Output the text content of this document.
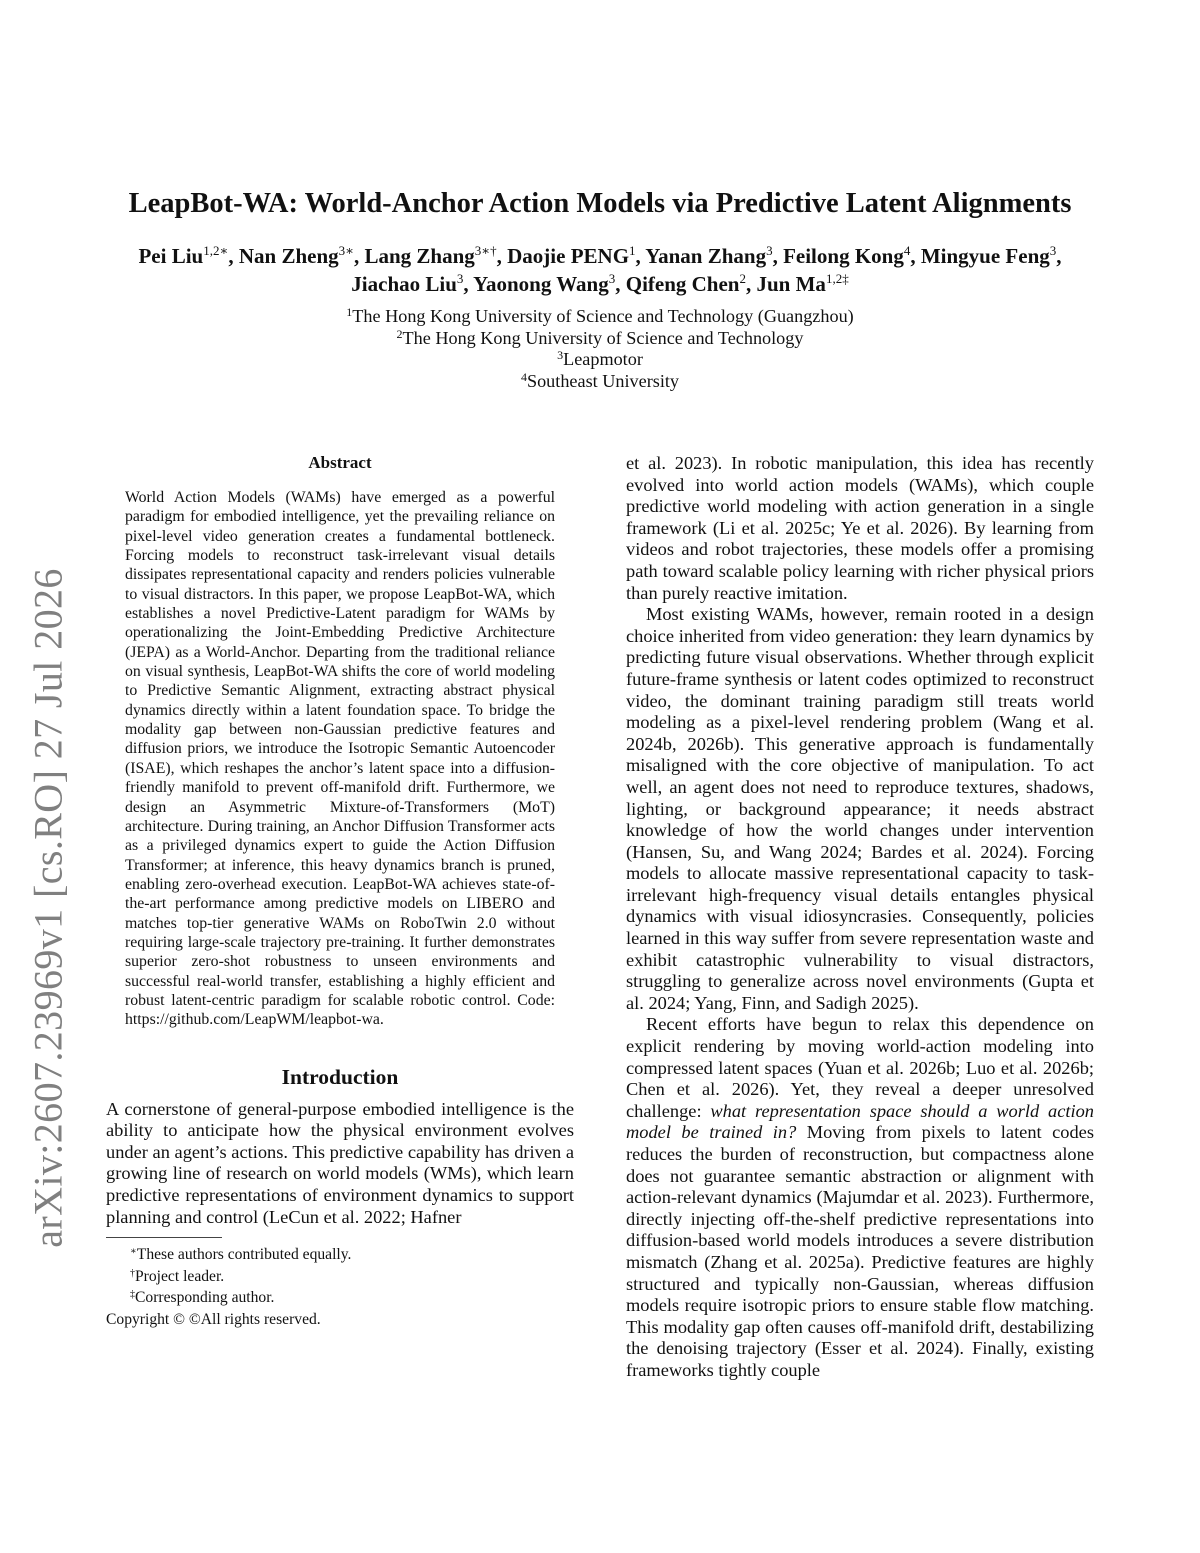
arXiv:2607.23969v1 [cs.RO] 27 Jul 2026
LeapBot-WA: World-Anchor Action Models via Predictive Latent Alignments
Pei Liu$^{1,2∗}$, Nan Zheng$^{3∗}$, Lang Zhang$^{3∗\dagger}$, Daojie PENG$^1$, Yanan Zhang$^3$, Feilong Kong$^4$, Mingyue Feng$^3$, Jiachao Liu$^3$, Yaonong Wang$^3$, Qifeng Chen$^2$, Jun $Ma^{1,2\ddagger}$
$^1$The Hong Kong University of Science and Technology (Guangzhou)
$^2$The Hong Kong University of Science and Technology
$^3$Leapmotor
$^4$Southeast University
Abstract
World Action Models (WAMs) have emerged as a powerful paradigm for embodied intelligence, yet the prevailing reliance on pixel-level video generation creates a fundamental bottleneck. Forcing models to reconstruct task-irrelevant visual details dissipates representational capacity and renders policies vulnerable to visual distractors. In this paper, we propose LeapBot-WA, which establishes a novel Predictive-Latent paradigm for WAMs by operationalizing the Joint-Embedding Predictive Architecture (JEPA) as a World-Anchor. Departing from the traditional reliance on visual synthesis, LeapBot-WA shifts the core of world modeling to Predictive Semantic Alignment, extracting abstract physical dynamics directly within a latent foundation space. To bridge the modality gap between non-Gaussian predictive features and diffusion priors, we introduce the Isotropic Semantic Autoencoder (ISAE), which reshapes the anchor’s latent space into a diffusion-friendly manifold to prevent off-manifold drift. Furthermore, we design an Asymmetric Mixture-of-Transformers (MoT) architecture. During training, an Anchor Diffusion Transformer acts as a privileged dynamics expert to guide the Action Diffusion Transformer; at inference, this heavy dynamics branch is pruned, enabling zero-overhead execution. LeapBot-WA achieves state-of-the-art performance among predictive models on LIBERO and matches top-tier generative WAMs on RoboTwin 2.0 without requiring large-scale trajectory pre-training. It further demonstrates superior zero-shot robustness to unseen environments and successful real-world transfer, establishing a highly efficient and robust latent-centric paradigm for scalable robotic control. Code: https://github.com/LeapWM/leapbot-wa.
Introduction

A cornerstone of general-purpose embodied intelligence is the ability to anticipate how the physical environment evolves under an agent’s actions. This predictive capability has driven a growing line of research on world models (WMs), which learn predictive representations of environment dynamics to support planning and control (LeCun et al. 2022; Hafner

∗These authors contributed equally.

†Project leader.

‡Corresponding author.

Copyright © ©All rights reserved.

et al. 2023). In robotic manipulation, this idea has recently evolved into world action models (WAMs), which couple predictive world modeling with action generation in a single framework (Li et al. 2025c; Ye et al. 2026). By learning from videos and robot trajectories, these models offer a promising path toward scalable policy learning with richer physical priors than purely reactive imitation.

Most existing WAMs, however, remain rooted in a design choice inherited from video generation: they learn dynamics by predicting future visual observations. Whether through explicit future-frame synthesis or latent codes optimized to reconstruct video, the dominant training paradigm still treats world modeling as a pixel-level rendering problem (Wang et al. 2024b, 2026b). This generative approach is fundamentally misaligned with the core objective of manipulation. To act well, an agent does not need to reproduce textures, shadows, lighting, or background appearance; it needs abstract knowledge of how the world changes under intervention (Hansen, Su, and Wang 2024; Bardes et al. 2024). Forcing models to allocate massive representational capacity to task-irrelevant high-frequency visual details entangles physical dynamics with visual idiosyncrasies. Consequently, policies learned in this way suffer from severe representation waste and exhibit catastrophic vulnerability to visual distractors, struggling to generalize across novel environments (Gupta et al. 2024; Yang, Finn, and Sadigh 2025).

Recent efforts have begun to relax this dependence on explicit rendering by moving world-action modeling into compressed latent spaces (Yuan et al. 2026b; Luo et al. 2026b; Chen et al. 2026). Yet, they reveal a deeper unresolved challenge: what representation space should a world action model be trained in? Moving from pixels to latent codes reduces the burden of reconstruction, but compactness alone does not guarantee semantic abstraction or alignment with action-relevant dynamics (Majumdar et al. 2023). Furthermore, directly injecting off-the-shelf predictive representations into diffusion-based world models introduces a severe distribution mismatch (Zhang et al. 2025a). Predictive features are highly structured and typically non-Gaussian, whereas diffusion models require isotropic priors to ensure stable flow matching. This modality gap often causes off-manifold drift, destabilizing the denoising trajectory (Esser et al. 2024). Finally, existing frameworks tightly couple
